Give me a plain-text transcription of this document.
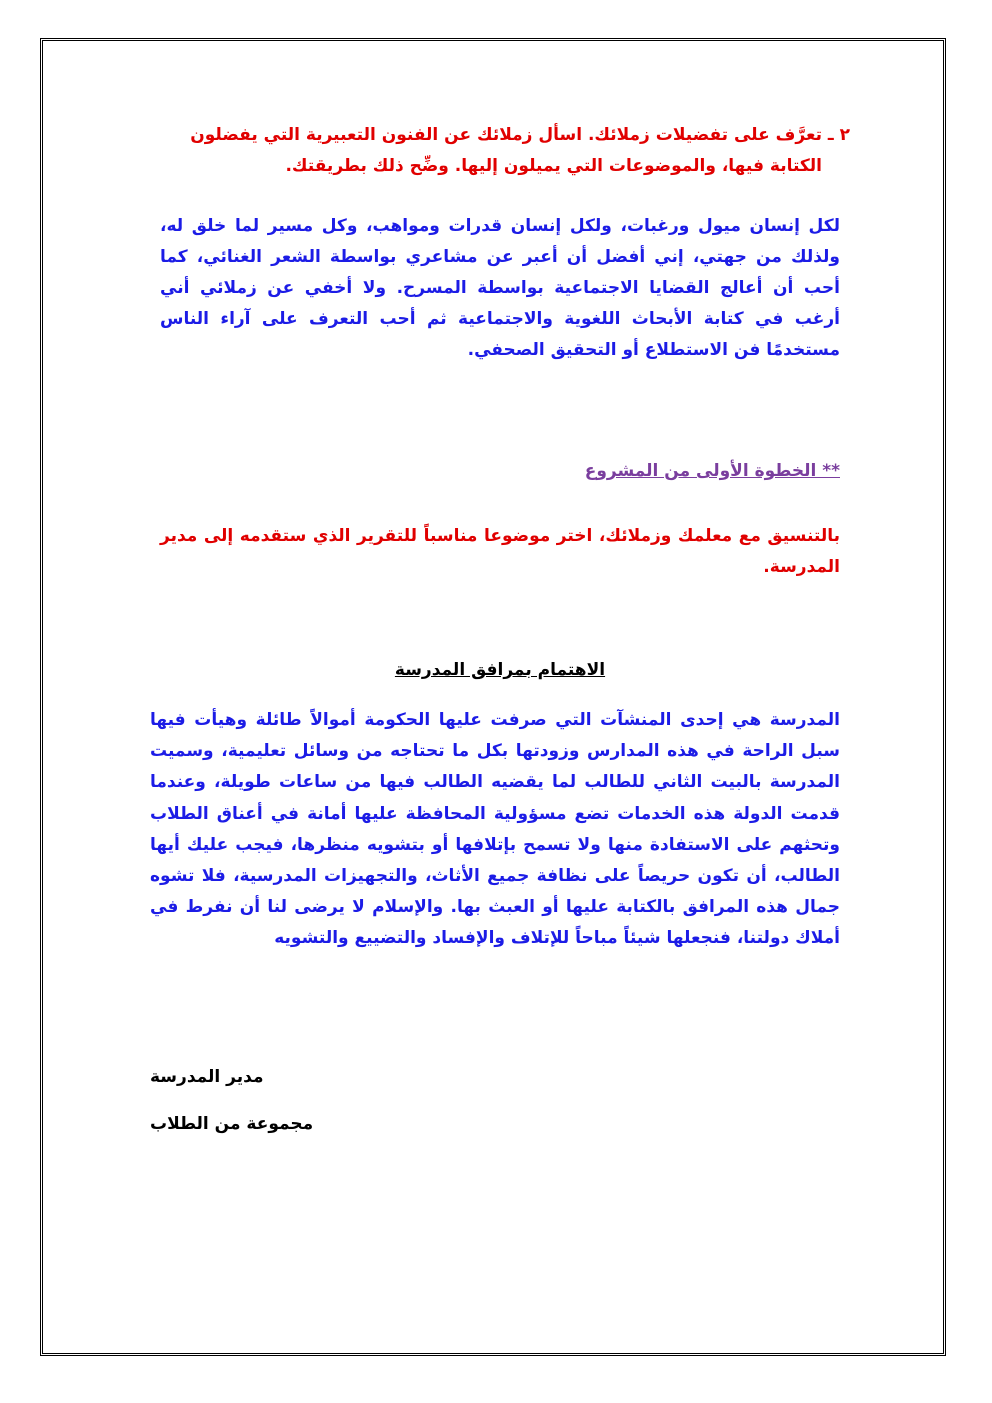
٢ ـ تعرَّف على تفضيلات زملائك. اسأل زملائك عن الفنون التعبيرية التي يفضلون
الكتابة فيها، والموضوعات التي يميلون إليها. وضِّح ذلك بطريقتك.
لكل إنسان ميول ورغبات، ولكل إنسان قدرات ومواهب، وكل مسير لما خلق له، ولذلك من جهتي، إني أفضل أن أعبر عن مشاعري بواسطة الشعر الغنائي، كما أحب أن أعالج القضايا الاجتماعية بواسطة المسرح. ولا أخفي عن زملائي أني أرغب في كتابة الأبحاث اللغوية والاجتماعية ثم أحب التعرف على آراء الناس مستخدمًا فن الاستطلاع أو التحقيق الصحفي.
** الخطوة الأولى من المشروع
بالتنسيق مع معلمك وزملائك، اختر موضوعا مناسباً للتقرير الذي ستقدمه إلى مدير المدرسة.
الاهتمام بمرافق المدرسة
المدرسة هي إحدى المنشآت التي صرفت عليها الحكومة أموالاً طائلة وهيأت فيها سبل الراحة في هذه المدارس وزودتها بكل ما تحتاجه من وسائل تعليمية، وسميت المدرسة بالبيت الثاني للطالب لما يقضيه الطالب فيها من ساعات طويلة، وعندما قدمت الدولة هذه الخدمات تضع مسؤولية المحافظة عليها أمانة في أعناق الطلاب وتحثهم على الاستفادة منها ولا تسمح بإتلافها أو بتشويه منظرها، فيجب عليك أيها الطالب، أن تكون حريصاً على نظافة جميع الأثاث، والتجهيزات المدرسية، فلا تشوه جمال هذه المرافق بالكتابة عليها أو العبث بها. والإسلام لا يرضى لنا أن نفرط في أملاك دولتنا، فنجعلها شيئاً مباحاً للإتلاف والإفساد والتضييع والتشويه
مدير المدرسة
مجموعة من الطلاب
